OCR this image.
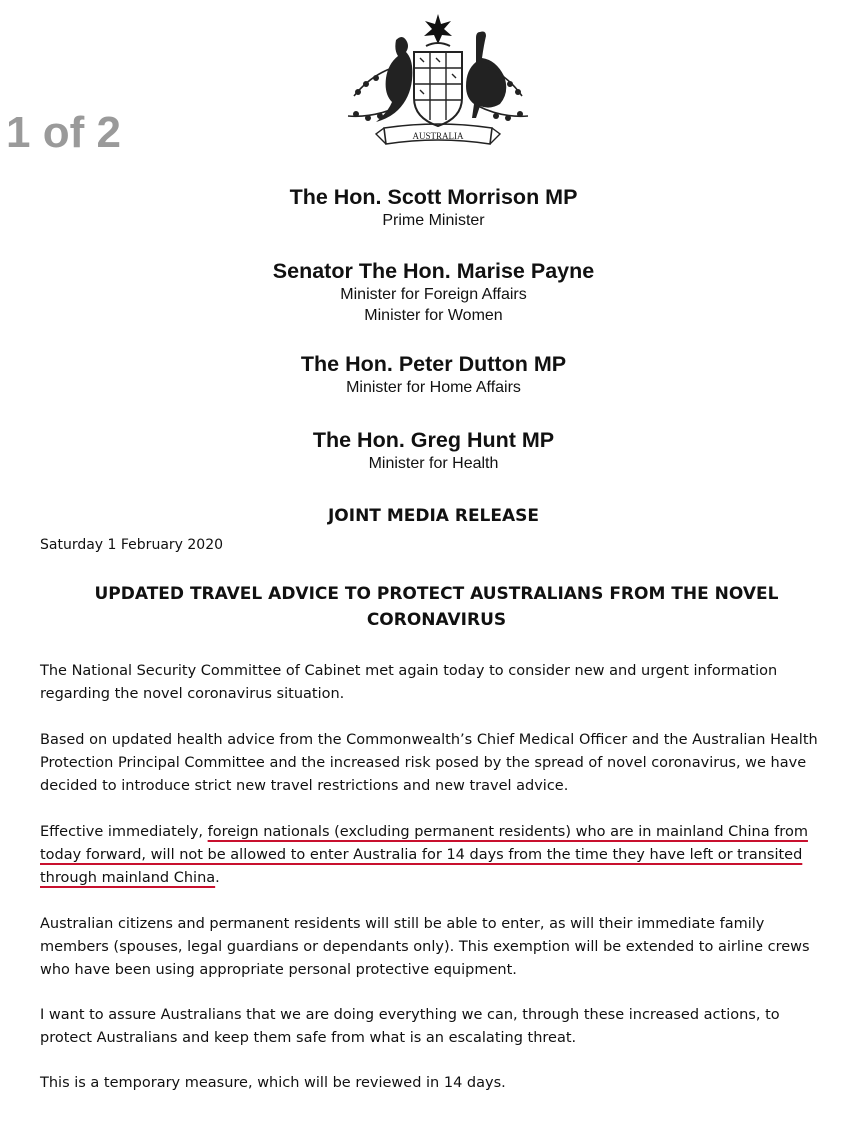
1 of 2	AUSTRALIA
The Hon. Scott Morrison MP
Prime Minister
Senator The Hon. Marise Payne
Minister for Foreign Affairs
Minister for Women
The Hon. Peter Dutton MP
Minister for Home Affairs
The Hon. Greg Hunt MP
Minister for Health
JOINT MEDIA RELEASE
Saturday 1 February 2020
UPDATED TRAVEL ADVICE TO PROTECT AUSTRALIANS FROM THE NOVEL CORONAVIRUS
The National Security Committee of Cabinet met again today to consider new and urgent information regarding the novel coronavirus situation.
Based on updated health advice from the Commonwealth’s Chief Medical Officer and the Australian Health Protection Principal Committee and the increased risk posed by the spread of novel coronavirus, we have decided to introduce strict new travel restrictions and new travel advice.
Effective immediately, foreign nationals (excluding permanent residents) who are in mainland China from today forward, will not be allowed to enter Australia for 14 days from the time they have left or transited through mainland China.
Australian citizens and permanent residents will still be able to enter, as will their immediate family members (spouses, legal guardians or dependants only). This exemption will be extended to airline crews who have been using appropriate personal protective equipment.
I want to assure Australians that we are doing everything we can, through these increased actions, to protect Australians and keep them safe from what is an escalating threat.
This is a temporary measure, which will be reviewed in 14 days.
